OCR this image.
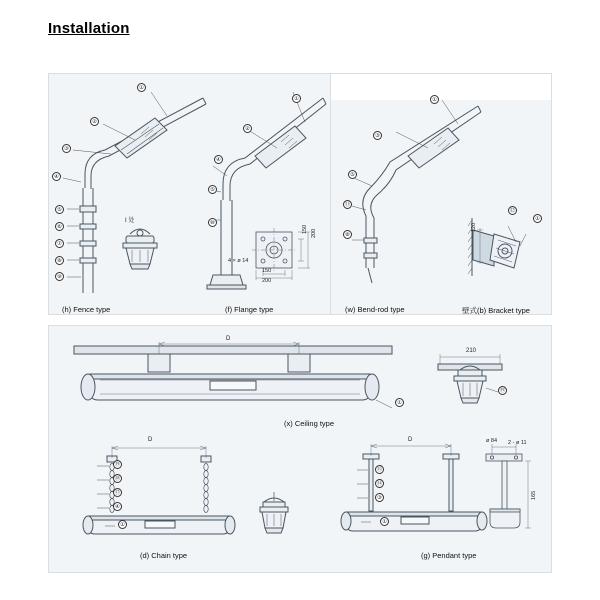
Installation
①
②
③
④
⑤
⑥
⑦
⑧
⑨
I 处
(h) Fence type
①
②
④
⑤
⑩
4 × ø 14
150 200
150
200
(f) Flange type
①
③
⑤
⑪
⑧
(w) Bend-rod type
120
⑫
①
壁式(b) Bracket type
D
①
(x) Ceiling type
210
⑲
D
⑲
⑱
⑰
④
①
(d) Chain type
D
⑮
⑭
③
①
(g) Pendant type
ø 84 2 - ø 11
165
